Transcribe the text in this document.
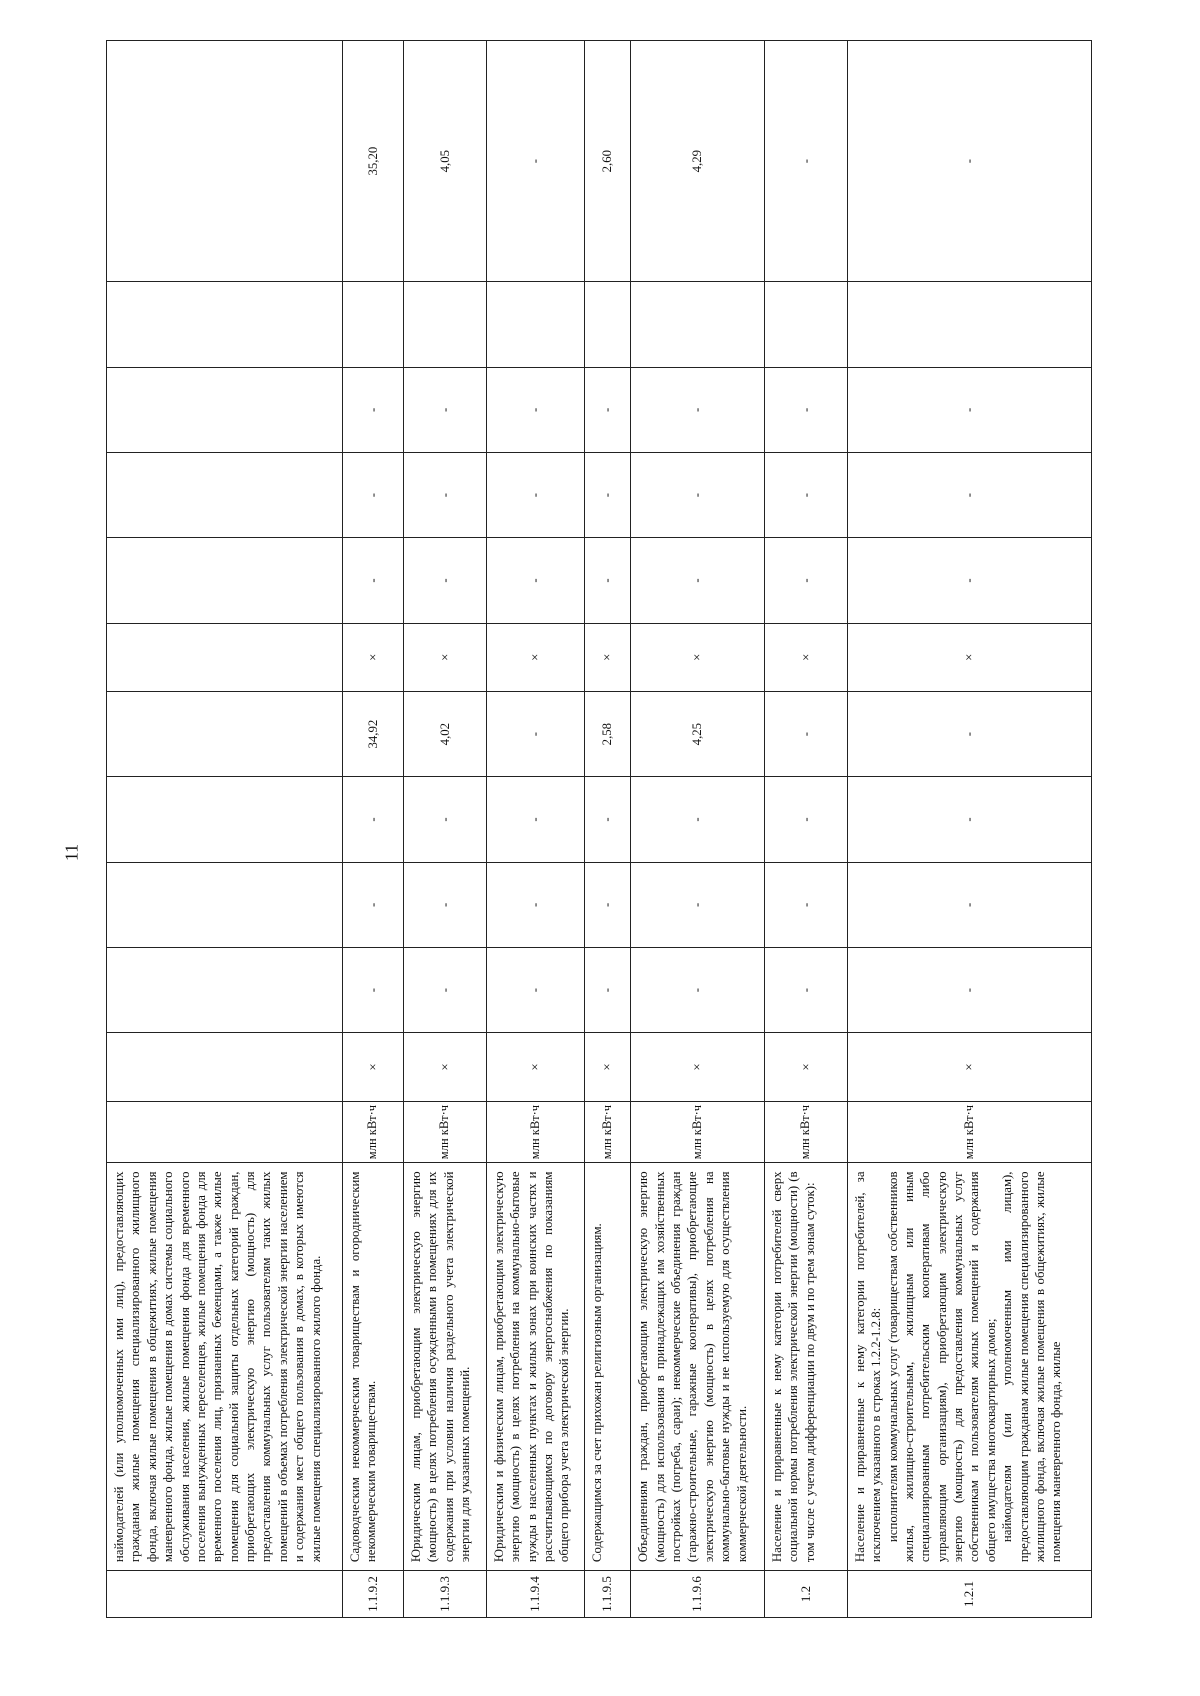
11

	наймодателей (или уполномоченных ими лиц), предоставляющих гражданам жилые помещения специализированного жилищного фонда, включая жилые помещения в общежитиях, жилые помещения маневренного фонда, жилые помещения в домах системы социального обслуживания населения, жилые помещения фонда для временного поселения вынужденных переселенцев, жилые помещения фонда для временного поселения лиц, признанных беженцами, а также жилые помещения для социальной защиты отдельных категорий граждан, приобретающих электрическую энергию (мощность) для предоставления коммунальных услуг пользователям таких жилых помещений в объемах потребления электрической энергии населением и содержания мест общего пользования в домах, в которых имеются жилые помещения специализированного жилого фонда.												

1.1.9.2	Садоводческим некоммерческим товариществам и огородническим некоммерческим товариществам.	млн кВт·ч	×	-	-	-	34,92	×	-	-	-		35,20
1.1.9.3	Юридическим лицам, приобретающим электрическую энергию (мощность) в целях потребления осужденными в помещениях для их содержания при условии наличия раздельного учета электрической энергии для указанных помещений.	млн кВт·ч	×	-	-	-	4,02	×	-	-	-		4,05
1.1.9.4	Юридическим и физическим лицам, приобретающим электрическую энергию (мощность) в целях потребления на коммунально-бытовые нужды в населенных пунктах и жилых зонах при воинских частях и рассчитывающимся по договору энергоснабжения по показаниям общего прибора учета электрической энергии.	млн кВт·ч	×	-	-	-	-	×	-	-	-		-
1.1.9.5	Содержащимся за счет прихожан религиозным организациям.	млн кВт·ч	×	-	-	-	2,58	×	-	-	-		2,60
1.1.9.6	Объединениям граждан, приобретающим электрическую энергию (мощность) для использования в принадлежащих им хозяйственных постройках (погреба, сараи); некоммерческие объединения граждан (гаражно-строительные, гаражные кооперативы), приобретающие электрическую энергию (мощность) в целях потребления на коммунально-бытовые нужды и не используемую для осуществления коммерческой деятельности.	млн кВт·ч	×	-	-	-	4,25	×	-	-	-		4,29
1.2	Население и приравненные к нему категории потребителей сверх социальной нормы потребления электрической энергии (мощности) (в том числе с учетом дифференциации по двум и по трем зонам суток):	млн кВт·ч	×	-	-	-	-	×	-	-	-		-
1.2.1	Население и приравненные к нему категории потребителей, за исключением указанного в строках 1.2.2-1.2.8: исполнителям коммунальных услуг (товариществам собственников жилья, жилищно-строительным, жилищным или иным специализированным потребительским кооперативам либо управляющим организациям), приобретающим электрическую энергию (мощность) для предоставления коммунальных услуг собственникам и пользователям жилых помещений и содержания общего имущества многоквартирных домов; наймодателям (или уполномоченным ими лицам), предоставляющим гражданам жилые помещения специализированного жилищного фонда, включая жилые помещения в общежитиях, жилые помещения маневренного фонда, жилые	млн кВт·ч	×	-	-	-	-	×	-	-	-		-
